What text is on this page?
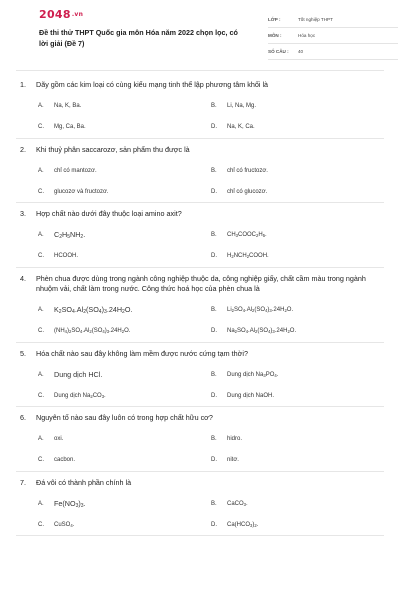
2048.vn
Đề thi thử THPT Quốc gia môn Hóa năm 2022 chọn lọc, có lời giải (Đề 7)
LỚP :	Tốt nghiệp THPT
MÔN :	Hóa học
SỐ CÂU :	40
1.	Dãy gồm các kim loại có cùng kiểu mạng tinh thể lập phương tâm khối là
A.	Na, K, Ba.	B.	Li, Na, Mg.
C.	Mg, Ca, Ba.	D.	Na, K, Ca.
2.	Khi thuỷ phân saccarozơ, sản phẩm thu được là
A.	chỉ có mantozơ.	B.	chỉ có fructozơ.
C.	glucozơ và fructozơ.	D.	chỉ có glucozơ.
3.	Hợp chất nào dưới đây thuộc loại amino axit?
A.	$C_2H_5NH_2$.	B.	$CH_3COOC_2H_5$.
C.	HCOOH.	D.	$H_2NCH_2COOH$.
4.	Phèn chua được dùng trong ngành công nghiệp thuộc da, công nghiệp giấy, chất cầm màu trong ngành nhuộm vải, chất làm trong nước. Công thức hoá học của phèn chua là
A.	$K_2SO_4.Al_2(SO_4)_3.24H_2O$.	B.	$Li_2SO_4.Al_2(SO_4)_3.24H_2O$.
C.	$(NH_4)_2SO_4.Al_2(SO_4)_3.24H_2O$.	D.	$Na_2SO_4.Al_2(SO_4)_3.24H_2O$.
5.	Hóa chất nào sau đây không làm mềm được nước cứng tạm thời?
A.	Dung dịch HCl.	B.	Dung dịch $Na_3PO_4$.
C.	Dung dịch $Na_2CO_3$.	D.	Dung dịch NaOH.
6.	Nguyên tố nào sau đây luôn có trong hợp chất hữu cơ?
A.	oxi.	B.	hidro.
C.	cacbon.	D.	nitơ.
7.	Đá vôi có thành phần chính là
A.	$Fe(NO_3)_3$.	B.	CaCO$_3$.
C.	CuSO$_4$.	D.	$Ca(HCO_3)_2$.
